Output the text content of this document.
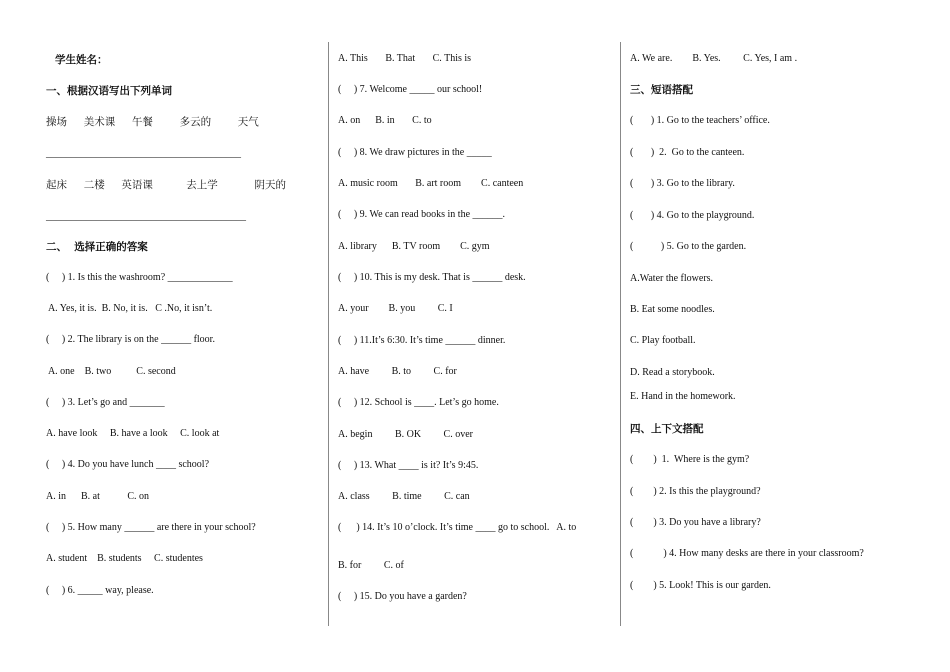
学生姓名：
一、根据汉语写出下列单词
操场     美术课     午餐        多云的        天气
_______________________________________
起床     二楼     英语课          去上学           阴天的
________________________________________
二、  选择正确的答案
(     ) 1. Is this the washroom? _____________
A. Yes, it is.  B. No, it is.   C .No, it isn’t.
(     ) 2. The library is on the ______ floor.
A. one    B. two          C. second
(     ) 3. Let’s go and _______
A. have look     B. have a look     C. look at
(     ) 4. Do you have lunch ____ school?
A. in      B. at           C. on
(     ) 5. How many ______ are there in your school?
A. student    B. students     C. studentes
(     ) 6. _____ way, please.
A. This       B. That       C. This is
(     ) 7. Welcome _____ our school!
A. on      B. in       C. to
(     ) 8. We draw pictures in the _____
A. music room       B. art room        C. canteen
(     ) 9. We can read books in the ______.
A. library      B. TV room        C. gym
(     ) 10. This is my desk. That is ______ desk.
A. your        B. you         C. I
(     ) 11.It’s 6:30. It’s time ______ dinner.
A. have         B. to         C. for
(     ) 12. School is ____. Let’s go home.
A. begin         B. OK         C. over
(     ) 13. What ____ is it? It’s 9:45.
A. class         B. time         C. can
(      ) 14. It’s 10 o’clock. It’s time ____ go to school.   A. to
B. for         C. of
(     ) 15. Do you have a garden?
A. We are.        B. Yes.         C. Yes, I am .
三、短语搭配
(       ) 1. Go to the teachers’ office.
(       )  2.  Go to the canteen.
(       ) 3. Go to the library.
(       ) 4. Go to the playground.
(           ) 5. Go to the garden.
A.Water the flowers.
B. Eat some noodles.
C. Play football.
D. Read a storybook.
E. Hand in the homework.
四、上下文搭配
(        )  1.  Where is the gym?
(        ) 2. Is this the playground?
(        ) 3. Do you have a library?
(            ) 4. How many desks are there in your classroom?
(        ) 5. Look! This is our garden.
